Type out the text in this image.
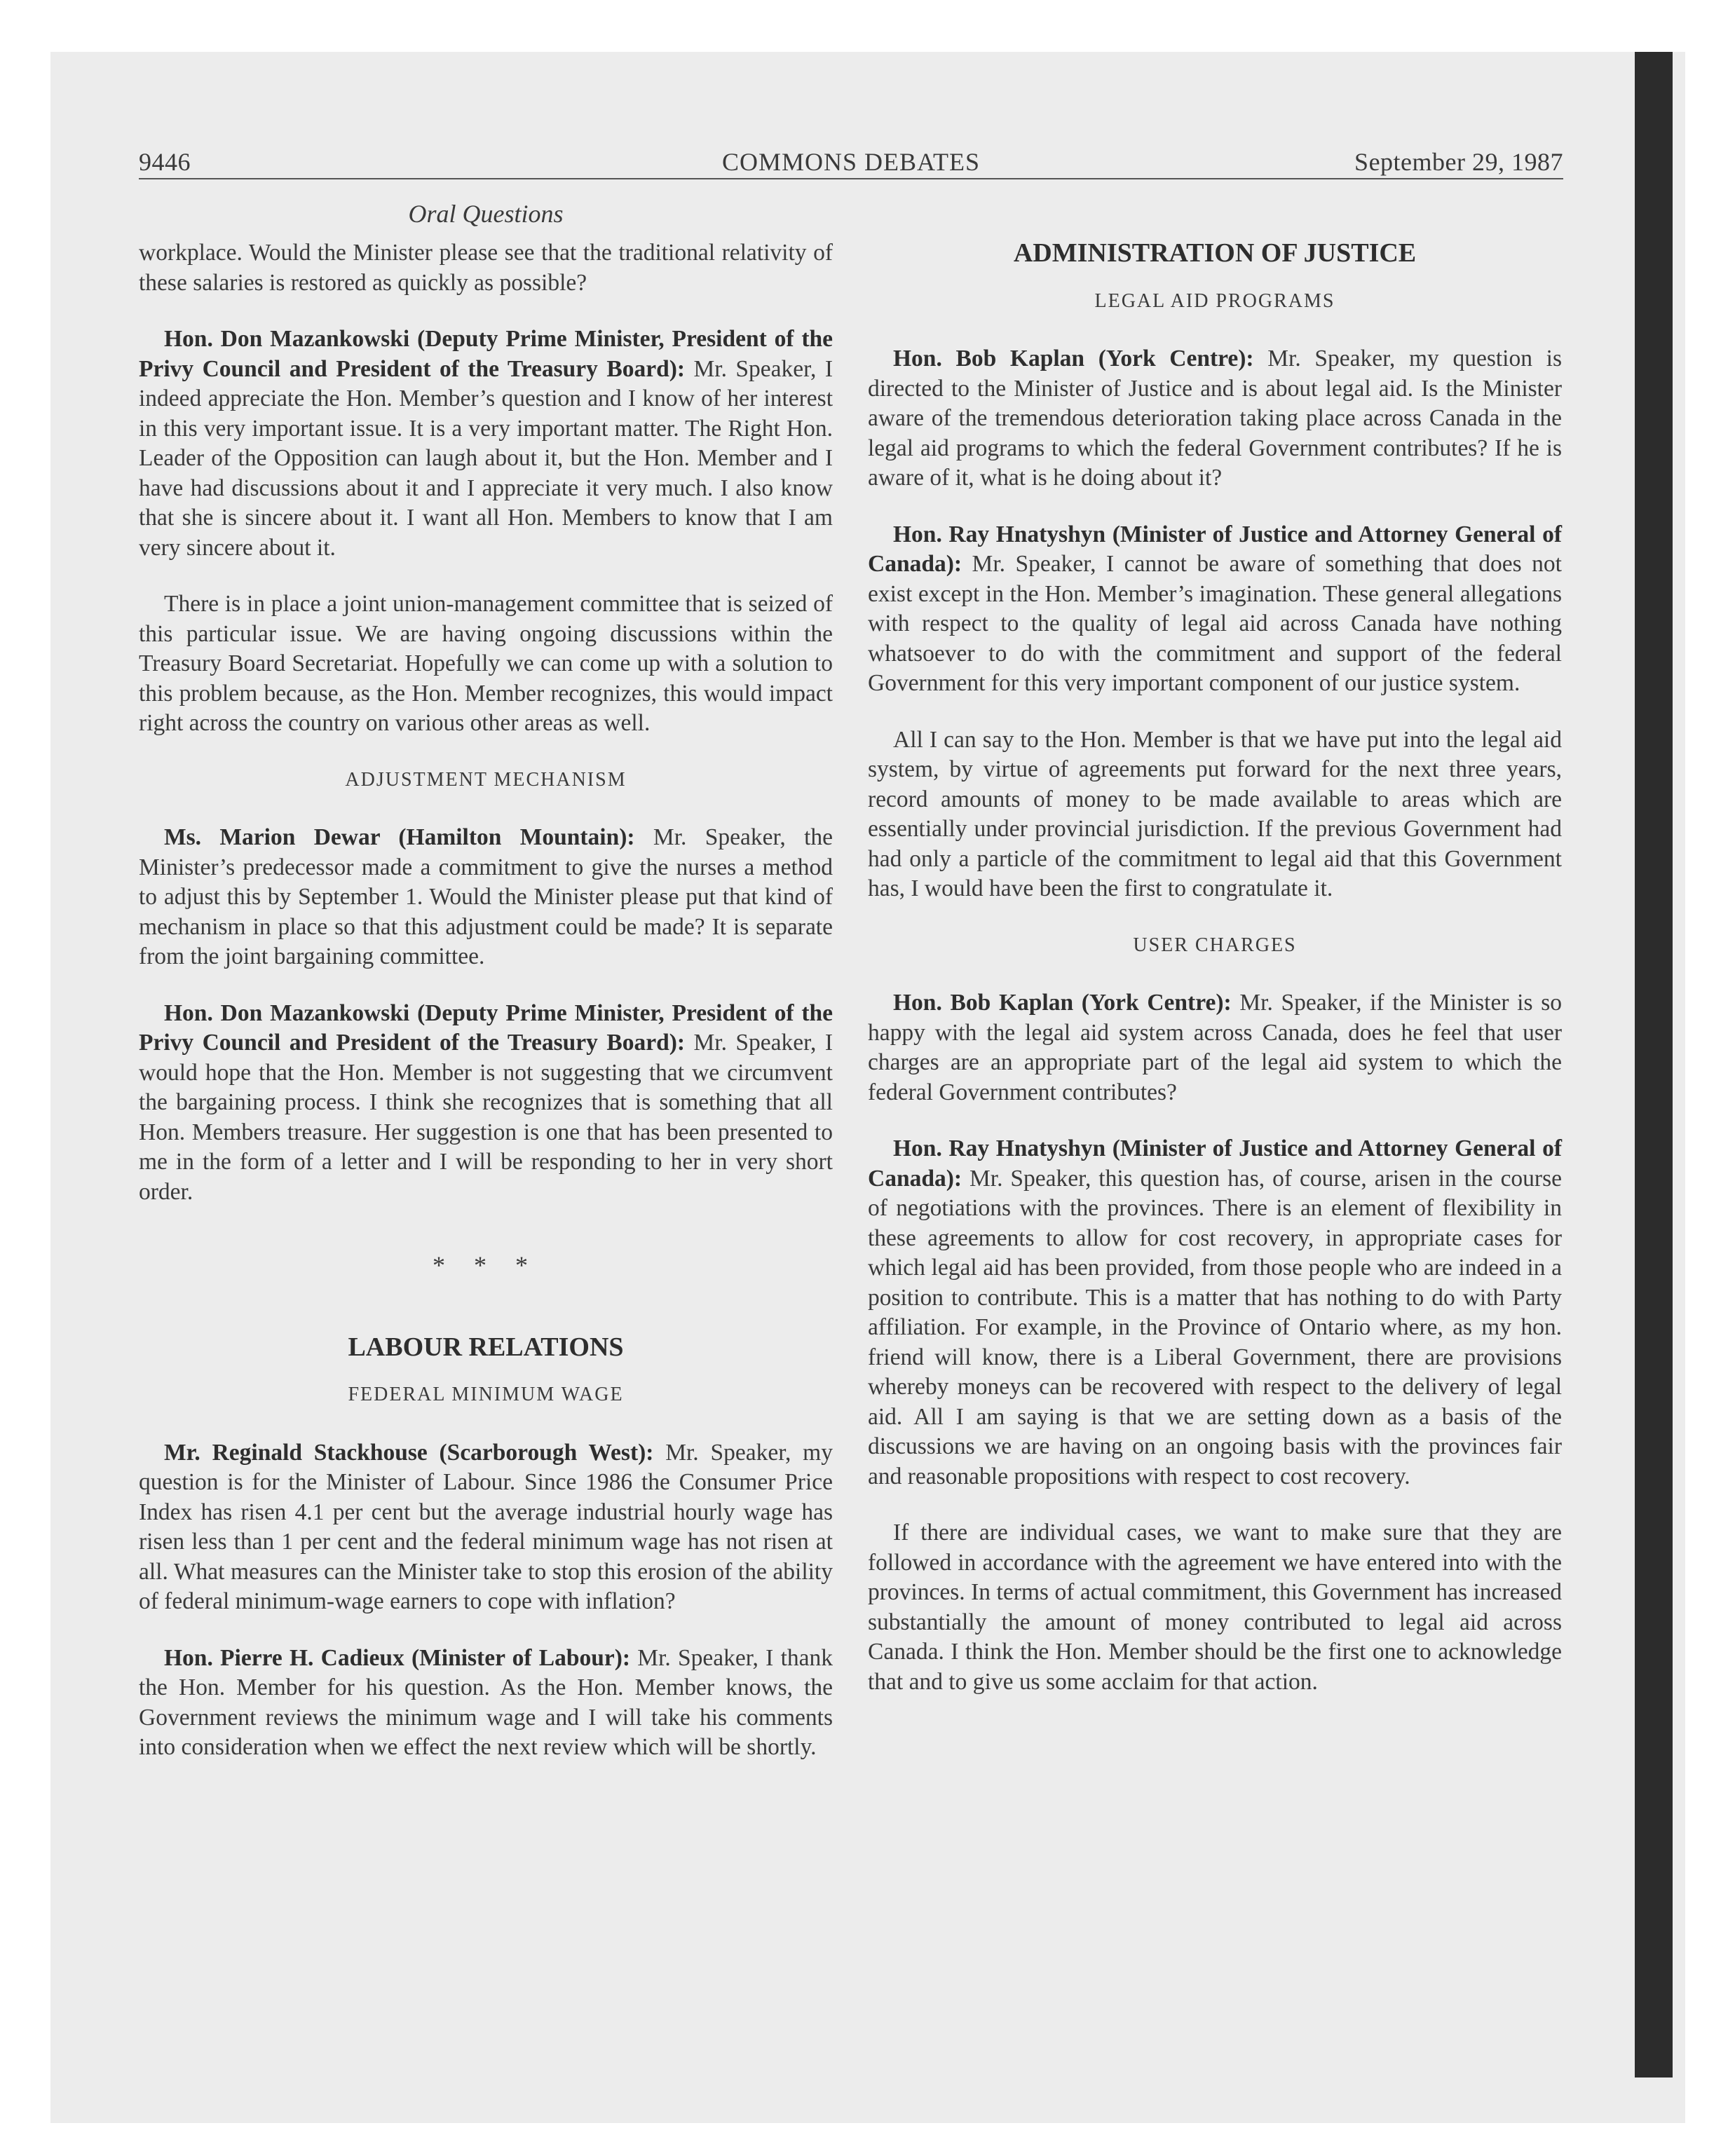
9446	COMMONS DEBATES	September 29, 1987
Oral Questions

workplace. Would the Minister please see that the traditional relativity of these salaries is restored as quickly as possible?

Hon. Don Mazankowski (Deputy Prime Minister, President of the Privy Council and President of the Treasury Board): Mr. Speaker, I indeed appreciate the Hon. Member’s question and I know of her interest in this very important issue. It is a very important matter. The Right Hon. Leader of the Opposition can laugh about it, but the Hon. Member and I have had discussions about it and I appreciate it very much. I also know that she is sincere about it. I want all Hon. Members to know that I am very sincere about it.

There is in place a joint union-management committee that is seized of this particular issue. We are having ongoing discussions within the Treasury Board Secretariat. Hopefully we can come up with a solution to this problem because, as the Hon. Member recognizes, this would impact right across the country on various other areas as well.

ADJUSTMENT MECHANISM

Ms. Marion Dewar (Hamilton Mountain): Mr. Speaker, the Minister’s predecessor made a commitment to give the nurses a method to adjust this by September 1. Would the Minister please put that kind of mechanism in place so that this adjustment could be made? It is separate from the joint bargaining committee.

Hon. Don Mazankowski (Deputy Prime Minister, President of the Privy Council and President of the Treasury Board): Mr. Speaker, I would hope that the Hon. Member is not suggesting that we circumvent the bargaining process. I think she recognizes that is something that all Hon. Members treasure. Her suggestion is one that has been presented to me in the form of a letter and I will be responding to her in very short order.

* * *
LABOUR RELATIONS
FEDERAL MINIMUM WAGE

Mr. Reginald Stackhouse (Scarborough West): Mr. Speaker, my question is for the Minister of Labour. Since 1986 the Consumer Price Index has risen 4.1 per cent but the average industrial hourly wage has risen less than 1 per cent and the federal minimum wage has not risen at all. What measures can the Minister take to stop this erosion of the ability of federal minimum-wage earners to cope with inflation?

Hon. Pierre H. Cadieux (Minister of Labour): Mr. Speaker, I thank the Hon. Member for his question. As the Hon. Member knows, the Government reviews the minimum wage and I will take his comments into consideration when we effect the next review which will be shortly.

ADMINISTRATION OF JUSTICE
LEGAL AID PROGRAMS

Hon. Bob Kaplan (York Centre): Mr. Speaker, my question is directed to the Minister of Justice and is about legal aid. Is the Minister aware of the tremendous deterioration taking place across Canada in the legal aid programs to which the federal Government contributes? If he is aware of it, what is he doing about it?

Hon. Ray Hnatyshyn (Minister of Justice and Attorney General of Canada): Mr. Speaker, I cannot be aware of something that does not exist except in the Hon. Member’s imagination. These general allegations with respect to the quality of legal aid across Canada have nothing whatsoever to do with the commitment and support of the federal Government for this very important component of our justice system.

All I can say to the Hon. Member is that we have put into the legal aid system, by virtue of agreements put forward for the next three years, record amounts of money to be made available to areas which are essentially under provincial jurisdiction. If the previous Government had had only a particle of the commitment to legal aid that this Government has, I would have been the first to congratulate it.

USER CHARGES

Hon. Bob Kaplan (York Centre): Mr. Speaker, if the Minister is so happy with the legal aid system across Canada, does he feel that user charges are an appropriate part of the legal aid system to which the federal Government contributes?

Hon. Ray Hnatyshyn (Minister of Justice and Attorney General of Canada): Mr. Speaker, this question has, of course, arisen in the course of negotiations with the provinces. There is an element of flexibility in these agreements to allow for cost recovery, in appropriate cases for which legal aid has been provided, from those people who are indeed in a position to contribute. This is a matter that has nothing to do with Party affiliation. For example, in the Province of Ontario where, as my hon. friend will know, there is a Liberal Government, there are provisions whereby moneys can be recovered with respect to the delivery of legal aid. All I am saying is that we are setting down as a basis of the discussions we are having on an ongoing basis with the provinces fair and reasonable propositions with respect to cost recovery.

If there are individual cases, we want to make sure that they are followed in accordance with the agreement we have entered into with the provinces. In terms of actual commitment, this Government has increased substantially the amount of money contributed to legal aid across Canada. I think the Hon. Member should be the first one to acknowledge that and to give us some acclaim for that action.
